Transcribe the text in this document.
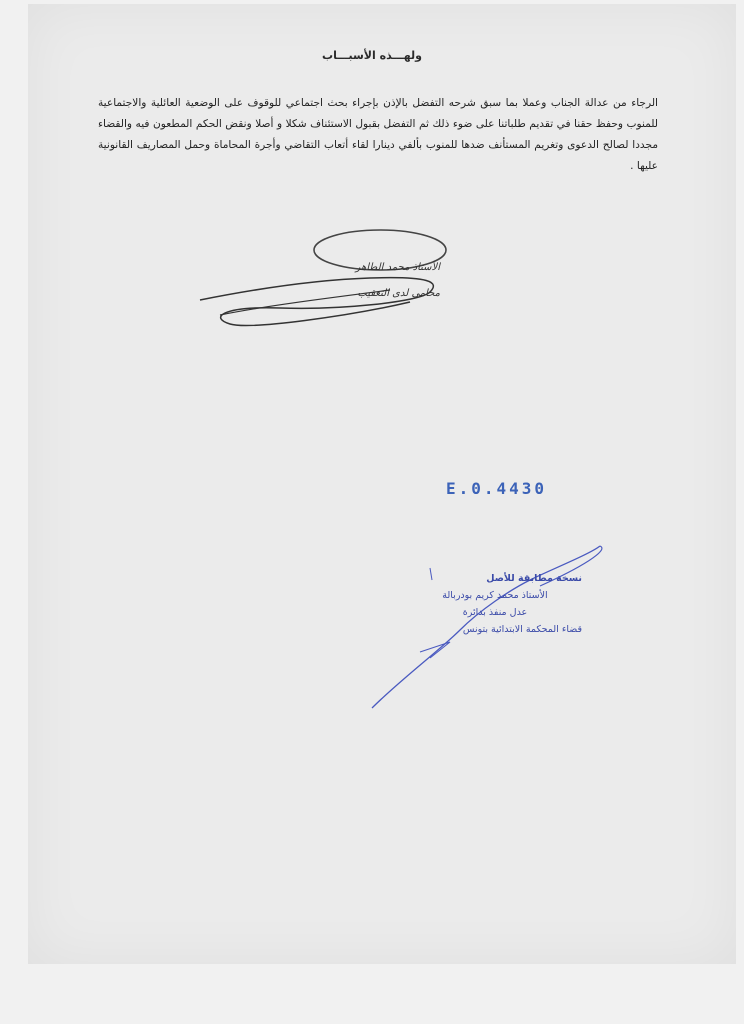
ولهـــذه الأسبـــاب
الرجاء من عدالة الجناب وعملا بما سبق شرحه التفضل بالإذن بإجراء بحث اجتماعي للوقوف على الوضعية العائلية والاجتماعية للمنوب وحفظ حقنا في تقديم طلباتنا على ضوء ذلك ثم التفضل بقبول الاستئناف شكلا و أصلا ونقض الحكم المطعون فيه والقضاء مجددا لصالح الدعوى وتغريم المستأنف ضدها للمنوب بألفي دينارا لقاء أتعاب التقاضي وأجرة المحاماة وحمل المصاريف القانونية عليها .
الأستاذ محمد الطاهر
محامي لدى التعقيب
E.0.4430
نسخة مطابقة للأصل
الأستاذ محمد كريم بودربالة
عدل منفذ بدائرة
قضاء المحكمة الابتدائية بتونس
